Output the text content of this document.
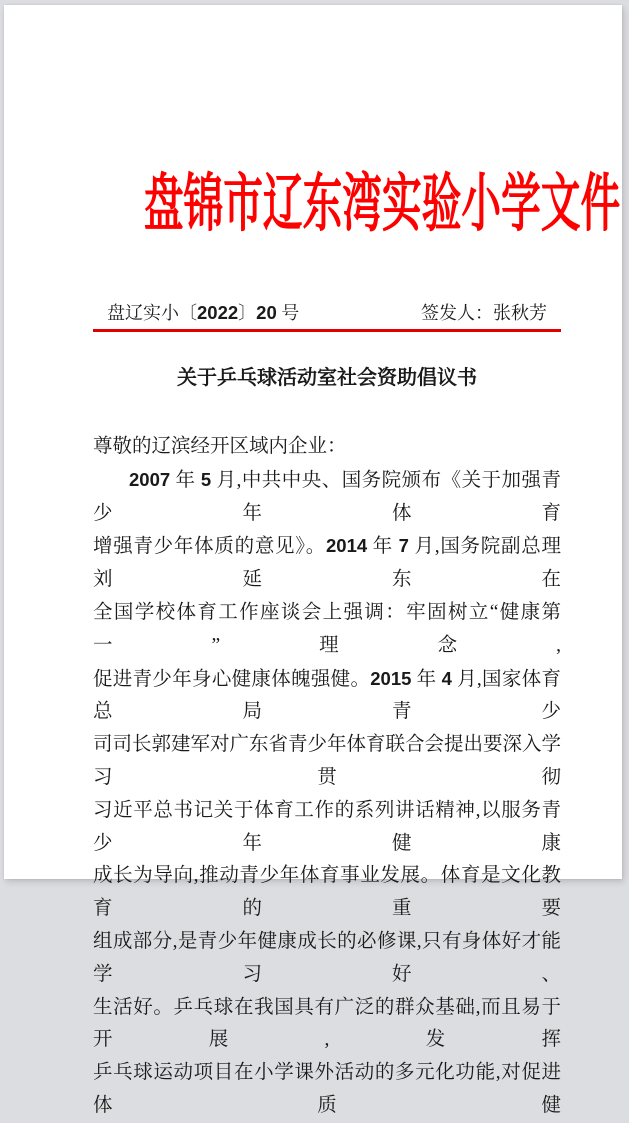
盘锦市辽东湾实验小学文件
盘辽实小〔2022〕20 号	签发人：张秋芳
关于乒乓球活动室社会资助倡议书
尊敬的辽滨经开区域内企业：
2007 年 5 月,中共中央、国务院颁布《关于加强青少年体育
增强青少年体质的意见》。2014 年 7 月,国务院副总理刘延东在
全国学校体育工作座谈会上强调：牢固树立“健康第一”理念,
促进青少年身心健康体魄强健。2015 年 4 月,国家体育总局青少
司司长郭建军对广东省青少年体育联合会提出要深入学习贯彻
习近平总书记关于体育工作的系列讲话精神,以服务青少年健康
成长为导向,推动青少年体育事业发展。体育是文化教育的重要
组成部分,是青少年健康成长的必修课,只有身体好才能学习好、
生活好。乒乓球在我国具有广泛的群众基础,而且易于开展,发挥
乒乓球运动项目在小学课外活动的多元化功能,对促进体质健
